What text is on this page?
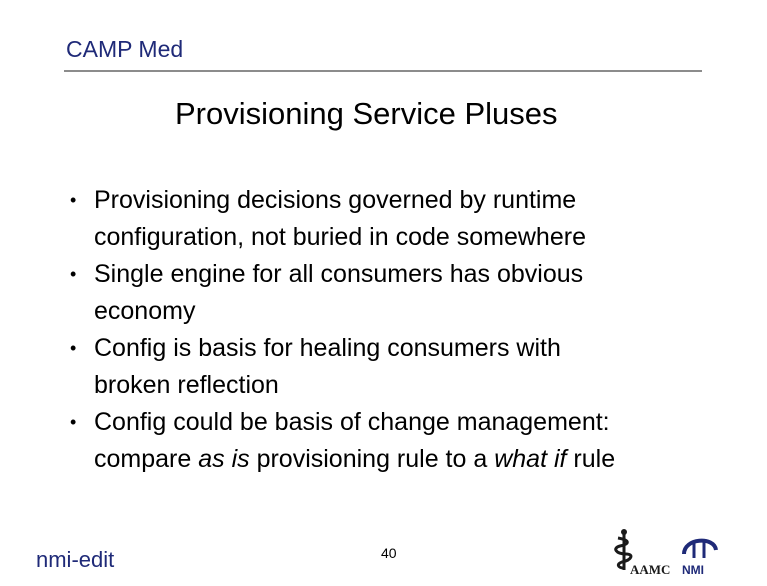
CAMP Med
Provisioning Service Pluses
• Provisioning decisions governed by runtime
configuration, not buried in code somewhere
• Single engine for all consumers has obvious
economy
• Config is basis for healing consumers with
broken reflection
• Config could be basis of change management:
compare as is provisioning rule to a what if rule
nmi-edit	40
AAMC NMI
